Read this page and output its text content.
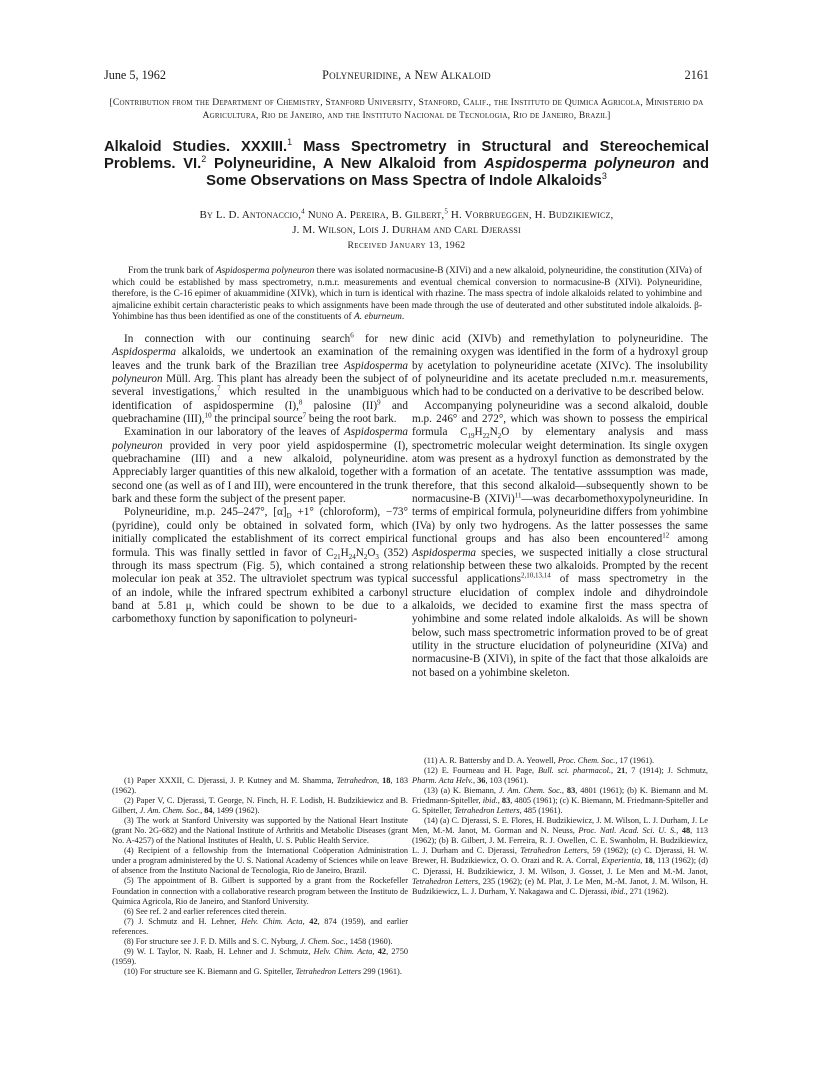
June 5, 1962	Polyneuridine, a New Alkaloid	2161
[Contribution from the Department of Chemistry, Stanford University, Stanford, Calif., the Instituto de Quimica Agricola, Ministerio da Agricultura, Rio de Janeiro, and the Instituto Nacional de Tecnologia, Rio de Janeiro, Brazil]
Alkaloid Studies. XXXIII.$^1$ Mass Spectrometry in Structural and Stereochemical
Problems. VI.$^2$ Polyneuridine, A New Alkaloid from Aspidosperma polyneuron and
Some Observations on Mass Spectra of Indole Alkaloids$^3$
By L. D. Antonaccio,$^4$ Nuno A. Pereira, B. Gilbert,$^5$ H. Vorbrueggen, H. Budzikiewicz,
J. M. Wilson, Lois J. Durham and Carl Djerassi
Received January 13, 1962
From the trunk bark of Aspidosperma polyneuron there was isolated normacusine-B (XIVi) and a new alkaloid, polyneuridine, the constitution (XIVa) of which could be established by mass spectrometry, n.m.r. measurements and eventual chemical conversion to normacusine-B (XIVi). Polyneuridine, therefore, is the C-16 epimer of akuammidine (XIVk), which in turn is identical with rhazine. The mass spectra of indole alkaloids related to yohimbine and ajmalicine exhibit certain characteristic peaks to which assignments have been made through the use of deuterated and other substituted indole alkaloids. β-Yohimbine has thus been identified as one of the constituents of A. eburneum.

In connection with our continuing search$^6$ for new Aspidosperma alkaloids, we undertook an examination of the leaves and the trunk bark of the Brazilian tree Aspidosperma polyneuron Müll. Arg. This plant has already been the subject of several investigations,$^7$ which resulted in the unambiguous identification of aspidospermine (I),$^8$ palosine (II)$^9$ and quebrachamine (III),$^{10}$ the principal source$^7$ being the root bark.

Examination in our laboratory of the leaves of Aspidosperma polyneuron provided in very poor yield aspidospermine (I), quebrachamine (III) and a new alkaloid, polyneuridine. Appreciably larger quantities of this new alkaloid, together with a second one (as well as of I and III), were encountered in the trunk bark and these form the subject of the present paper.

Polyneuridine, m.p. 245–247°, $[\alpha]_D +1^\circ$ (chloroform), −73° (pyridine), could only be obtained in solvated form, which initially complicated the establishment of its correct empirical formula. This was finally settled in favor of $C_{21}H_{24}N_2O_3$ (352) through its mass spectrum (Fig. 5), which contained a strong molecular ion peak at 352. The ultraviolet spectrum was typical of an indole, while the infrared spectrum exhibited a carbonyl band at 5.81 μ, which could be shown to be due to a carbomethoxy function by saponification to polyneuri-

(1) Paper XXXII, C. Djerassi, J. P. Kutney and M. Shamma, Tetrahedron, 18, 183 (1962).

(2) Paper V, C. Djerassi, T. George, N. Finch, H. F. Lodish, H. Budzikiewicz and B. Gilbert, J. Am. Chem. Soc., 84, 1499 (1962).

(3) The work at Stanford University was supported by the National Heart Institute (grant No. 2G-682) and the National Institute of Arthritis and Metabolic Diseases (grant No. A-4257) of the National Institutes of Health, U. S. Public Health Service.

(4) Recipient of a fellowship from the International Coöperation Administration under a program administered by the U. S. National Academy of Sciences while on leave of absence from the Instituto Nacional de Tecnologia, Rio de Janeiro, Brazil.

(5) The appointment of B. Gilbert is supported by a grant from the Rockefeller Foundation in connection with a collaborative research program between the Instituto de Quimica Agricola, Rio de Janeiro, and Stanford University.

(6) See ref. 2 and earlier references cited therein.

(7) J. Schmutz and H. Lehner, Helv. Chim. Acta, 42, 874 (1959), and earlier references.

(8) For structure see J. F. D. Mills and S. C. Nyburg, J. Chem. Soc., 1458 (1960).

(9) W. I. Taylor, N. Raab, H. Lehner and J. Schmutz, Helv. Chim. Acta, 42, 2750 (1959).

(10) For structure see K. Biemann and G. Spiteller, Tetrahedron Letters 299 (1961).

dinic acid (XIVb) and remethylation to polyneuridine. The remaining oxygen was identified in the form of a hydroxyl group by acetylation to polyneuridine acetate (XIVc). The insolubility of polyneuridine and its acetate precluded n.m.r. measurements, which had to be conducted on a derivative to be described below.

Accompanying polyneuridine was a second alkaloid, double m.p. 246° and 272°, which was shown to possess the empirical formula $C_{19}H_{22}N_2O$ by elementary analysis and mass spectrometric molecular weight determination. Its single oxygen atom was present as a hydroxyl function as demonstrated by the formation of an acetate. The tentative asssumption was made, therefore, that this second alkaloid—subsequently shown to be normacusine-B (XIVi)$^{11}$—was decarbomethoxypolyneuridine. In terms of empirical formula, polyneuridine differs from yohimbine (IVa) by only two hydrogens. As the latter possesses the same functional groups and has also been encountered$^{12}$ among Aspidosperma species, we suspected initially a close structural relationship between these two alkaloids. Prompted by the recent successful applications$^{2,10,13,14}$ of mass spectrometry in the structure elucidation of complex indole and dihydroindole alkaloids, we decided to examine first the mass spectra of yohimbine and some related indole alkaloids. As will be shown below, such mass spectrometric information proved to be of great utility in the structure elucidation of polyneuridine (XIVa) and normacusine-B (XIVi), in spite of the fact that those alkaloids are not based on a yohimbine skeleton.

(11) A. R. Battersby and D. A. Yeowell, Proc. Chem. Soc., 17 (1961).

(12) E. Fourneau and H. Page, Bull. sci. pharmacol., 21, 7 (1914); J. Schmutz, Pharm. Acta Helv., 36, 103 (1961).

(13) (a) K. Biemann, J. Am. Chem. Soc., 83, 4801 (1961); (b) K. Biemann and M. Friedmann-Spiteller, ibid., 83, 4805 (1961); (c) K. Biemann, M. Friedmann-Spiteller and G. Spiteller, Tetrahedron Letters, 485 (1961).

(14) (a) C. Djerassi, S. E. Flores, H. Budzikiewicz, J. M. Wilson, L. J. Durham, J. Le Men, M.-M. Janot, M. Gorman and N. Neuss, Proc. Natl. Acad. Sci. U. S., 48, 113 (1962); (b) B. Gilbert, J. M. Ferreira, R. J. Owellen, C. E. Swanholm, H. Budzikiewicz, L. J. Durham and C. Djerassi, Tetrahedron Letters, 59 (1962); (c) C. Djerassi, H. W. Brewer, H. Budzikiewicz, O. O. Orazi and R. A. Corral, Experientia, 18, 113 (1962); (d) C. Djerassi, H. Budzikiewicz, J. M. Wilson, J. Gosset, J. Le Men and M.-M. Janot, Tetrahedron Letters, 235 (1962); (e) M. Plat, J. Le Men, M.-M. Janot, J. M. Wilson, H. Budzikiewicz, L. J. Durham, Y. Nakagawa and C. Djerassi, ibid., 271 (1962).
